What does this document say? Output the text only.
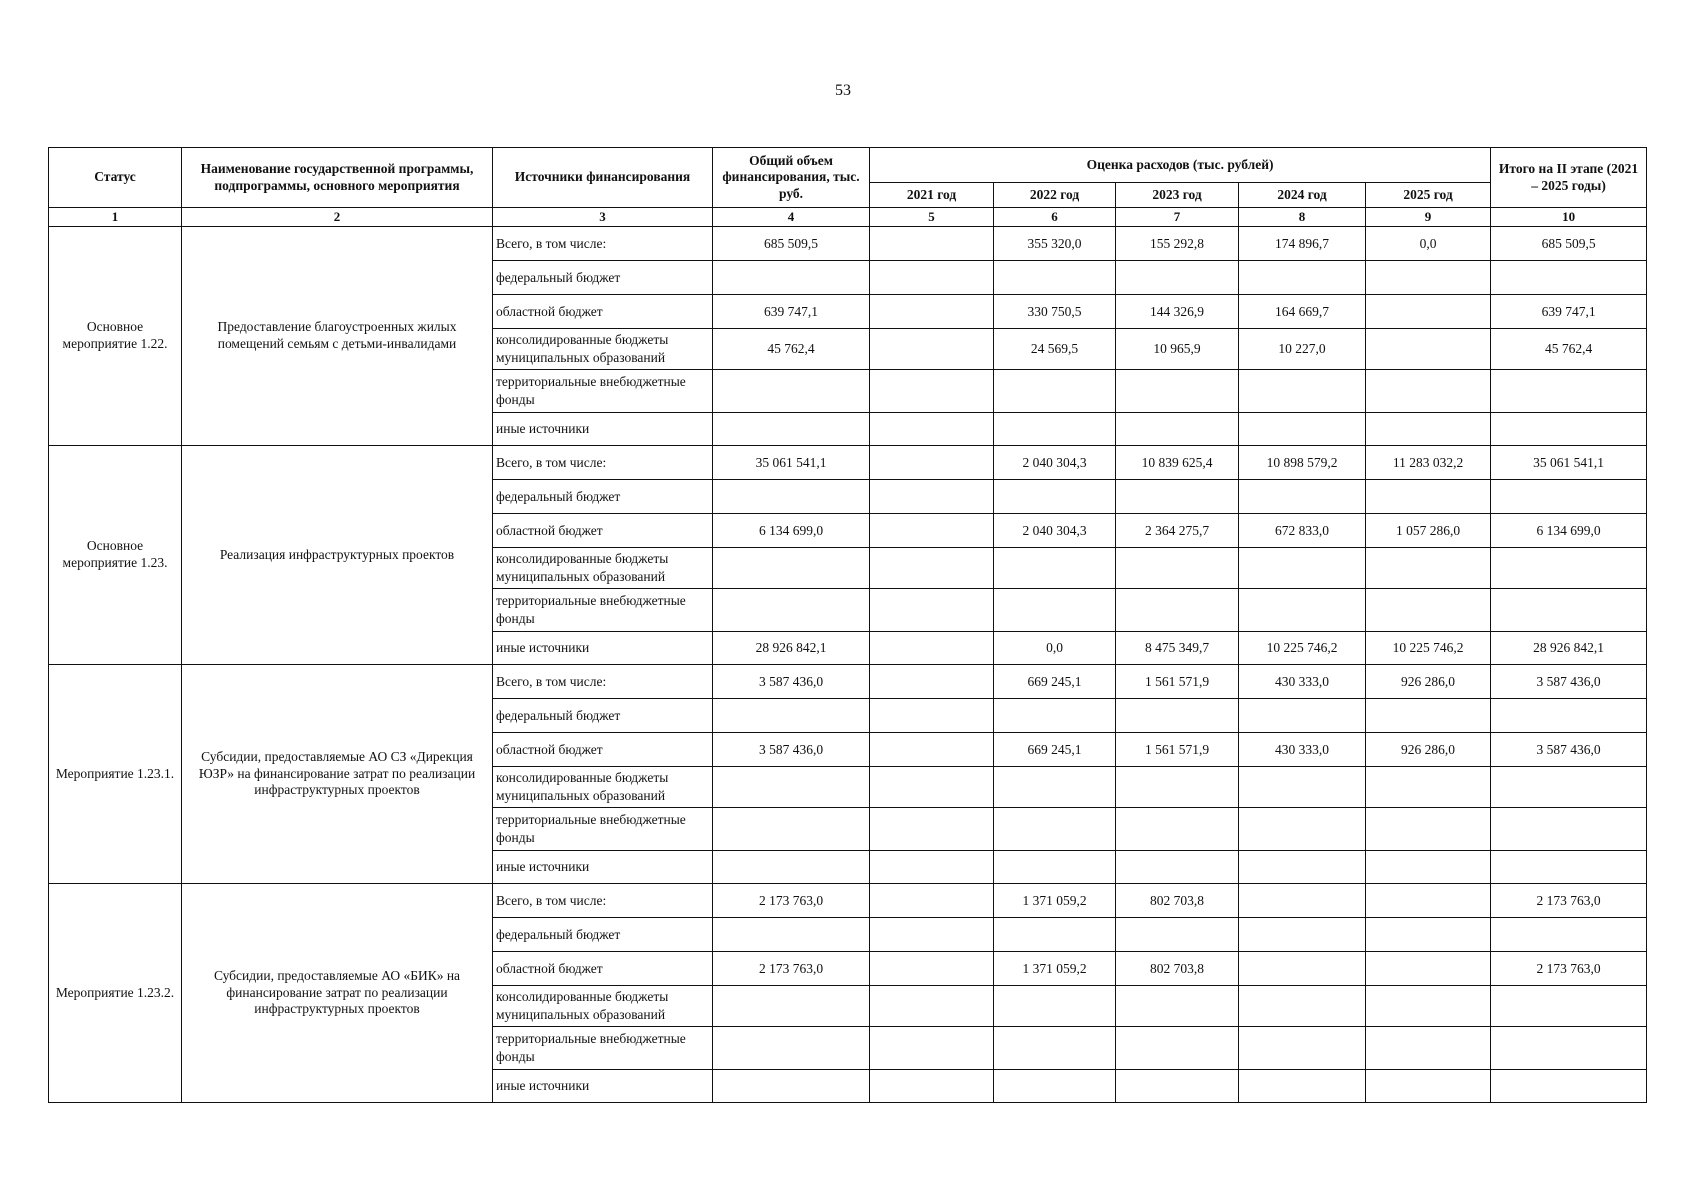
53
Статус	Наименование государственной программы, подпрограммы, основного мероприятия	Источники финансирования	Общий объем финансирования, тыс. руб.	Оценка расходов (тыс. рублей)					Итого на II этапе (2021 – 2025 годы)
				2021 год	2022 год	2023 год	2024 год	2025 год	
1	2	3	4	5	6	7	8	9	10
Основное мероприятие 1.22.	Предоставление благоустроенных жилых помещений семьям с детьми-инвалидами	Всего, в том числе:	685 509,5		355 320,0	155 292,8	174 896,7	0,0	685 509,5
		федеральный бюджет							
		областной бюджет	639 747,1		330 750,5	144 326,9	164 669,7		639 747,1
		консолидированные бюджеты муниципальных образований	45 762,4		24 569,5	10 965,9	10 227,0		45 762,4
		территориальные внебюджетные фонды							
		иные источники							
Основное мероприятие 1.23.	Реализация инфраструктурных проектов	Всего, в том числе:	35 061 541,1		2 040 304,3	10 839 625,4	10 898 579,2	11 283 032,2	35 061 541,1
		федеральный бюджет							
		областной бюджет	6 134 699,0		2 040 304,3	2 364 275,7	672 833,0	1 057 286,0	6 134 699,0
		консолидированные бюджеты муниципальных образований							
		территориальные внебюджетные фонды							
		иные источники	28 926 842,1		0,0	8 475 349,7	10 225 746,2	10 225 746,2	28 926 842,1
Мероприятие 1.23.1.	Субсидии, предоставляемые АО СЗ «Дирекция ЮЗР» на финансирование затрат по реализации инфраструктурных проектов	Всего, в том числе:	3 587 436,0		669 245,1	1 561 571,9	430 333,0	926 286,0	3 587 436,0
		федеральный бюджет							
		областной бюджет	3 587 436,0		669 245,1	1 561 571,9	430 333,0	926 286,0	3 587 436,0
		консолидированные бюджеты муниципальных образований							
		территориальные внебюджетные фонды							
		иные источники							
Мероприятие 1.23.2.	Субсидии, предоставляемые АО «БИК» на финансирование затрат по реализации инфраструктурных проектов	Всего, в том числе:	2 173 763,0		1 371 059,2	802 703,8			2 173 763,0
		федеральный бюджет							
		областной бюджет	2 173 763,0		1 371 059,2	802 703,8			2 173 763,0
		консолидированные бюджеты муниципальных образований							
		территориальные внебюджетные фонды							
		иные источники							
